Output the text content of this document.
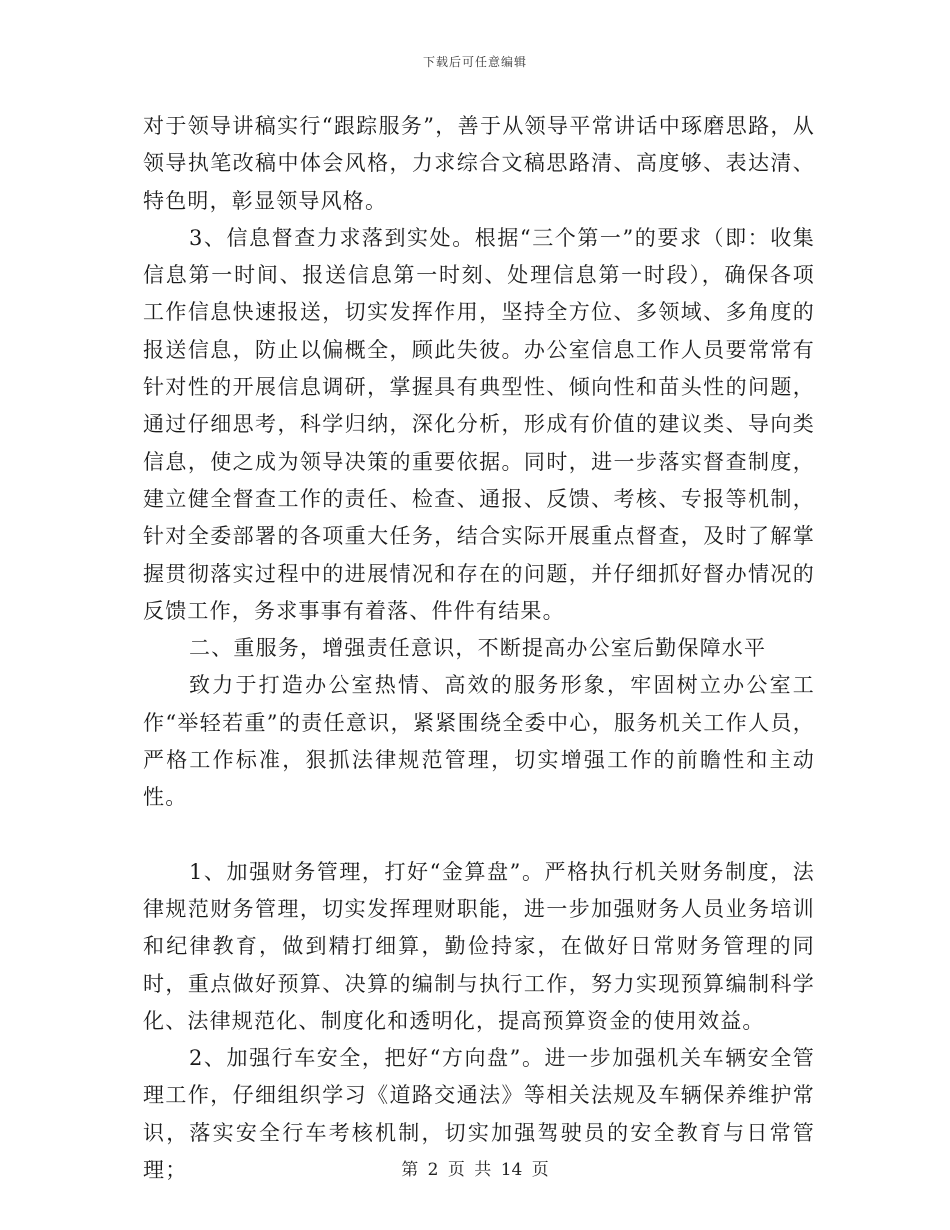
下载后可任意编辑

对于领导讲稿实行“跟踪服务”，善于从领导平常讲话中琢磨思路，从领导执笔改稿中体会风格，力求综合文稿思路清、高度够、表达清、特色明，彰显领导风格。

3、信息督查力求落到实处。根据“三个第一”的要求（即：收集信息第一时间、报送信息第一时刻、处理信息第一时段），确保各项工作信息快速报送，切实发挥作用，坚持全方位、多领域、多角度的报送信息，防止以偏概全，顾此失彼。办公室信息工作人员要常常有针对性的开展信息调研，掌握具有典型性、倾向性和苗头性的问题，通过仔细思考，科学归纳，深化分析，形成有价值的建议类、导向类信息，使之成为领导决策的重要依据。同时，进一步落实督查制度，建立健全督查工作的责任、检查、通报、反馈、考核、专报等机制，针对全委部署的各项重大任务，结合实际开展重点督查，及时了解掌握贯彻落实过程中的进展情况和存在的问题，并仔细抓好督办情况的反馈工作，务求事事有着落、件件有结果。

二、重服务，增强责任意识，不断提高办公室后勤保障水平

致力于打造办公室热情、高效的服务形象，牢固树立办公室工作“举轻若重”的责任意识，紧紧围绕全委中心，服务机关工作人员，严格工作标准，狠抓法律规范管理，切实增强工作的前瞻性和主动性。

1、加强财务管理，打好“金算盘”。严格执行机关财务制度，法律规范财务管理，切实发挥理财职能，进一步加强财务人员业务培训和纪律教育，做到精打细算，勤俭持家，在做好日常财务管理的同时，重点做好预算、决算的编制与执行工作，努力实现预算编制科学化、法律规范化、制度化和透明化，提高预算资金的使用效益。

2、加强行车安全，把好“方向盘”。进一步加强机关车辆安全管理工作，仔细组织学习《道路交通法》等相关法规及车辆保养维护常识，落实安全行车考核机制，切实加强驾驶员的安全教育与日常管理；	第 2 页 共 14 页
